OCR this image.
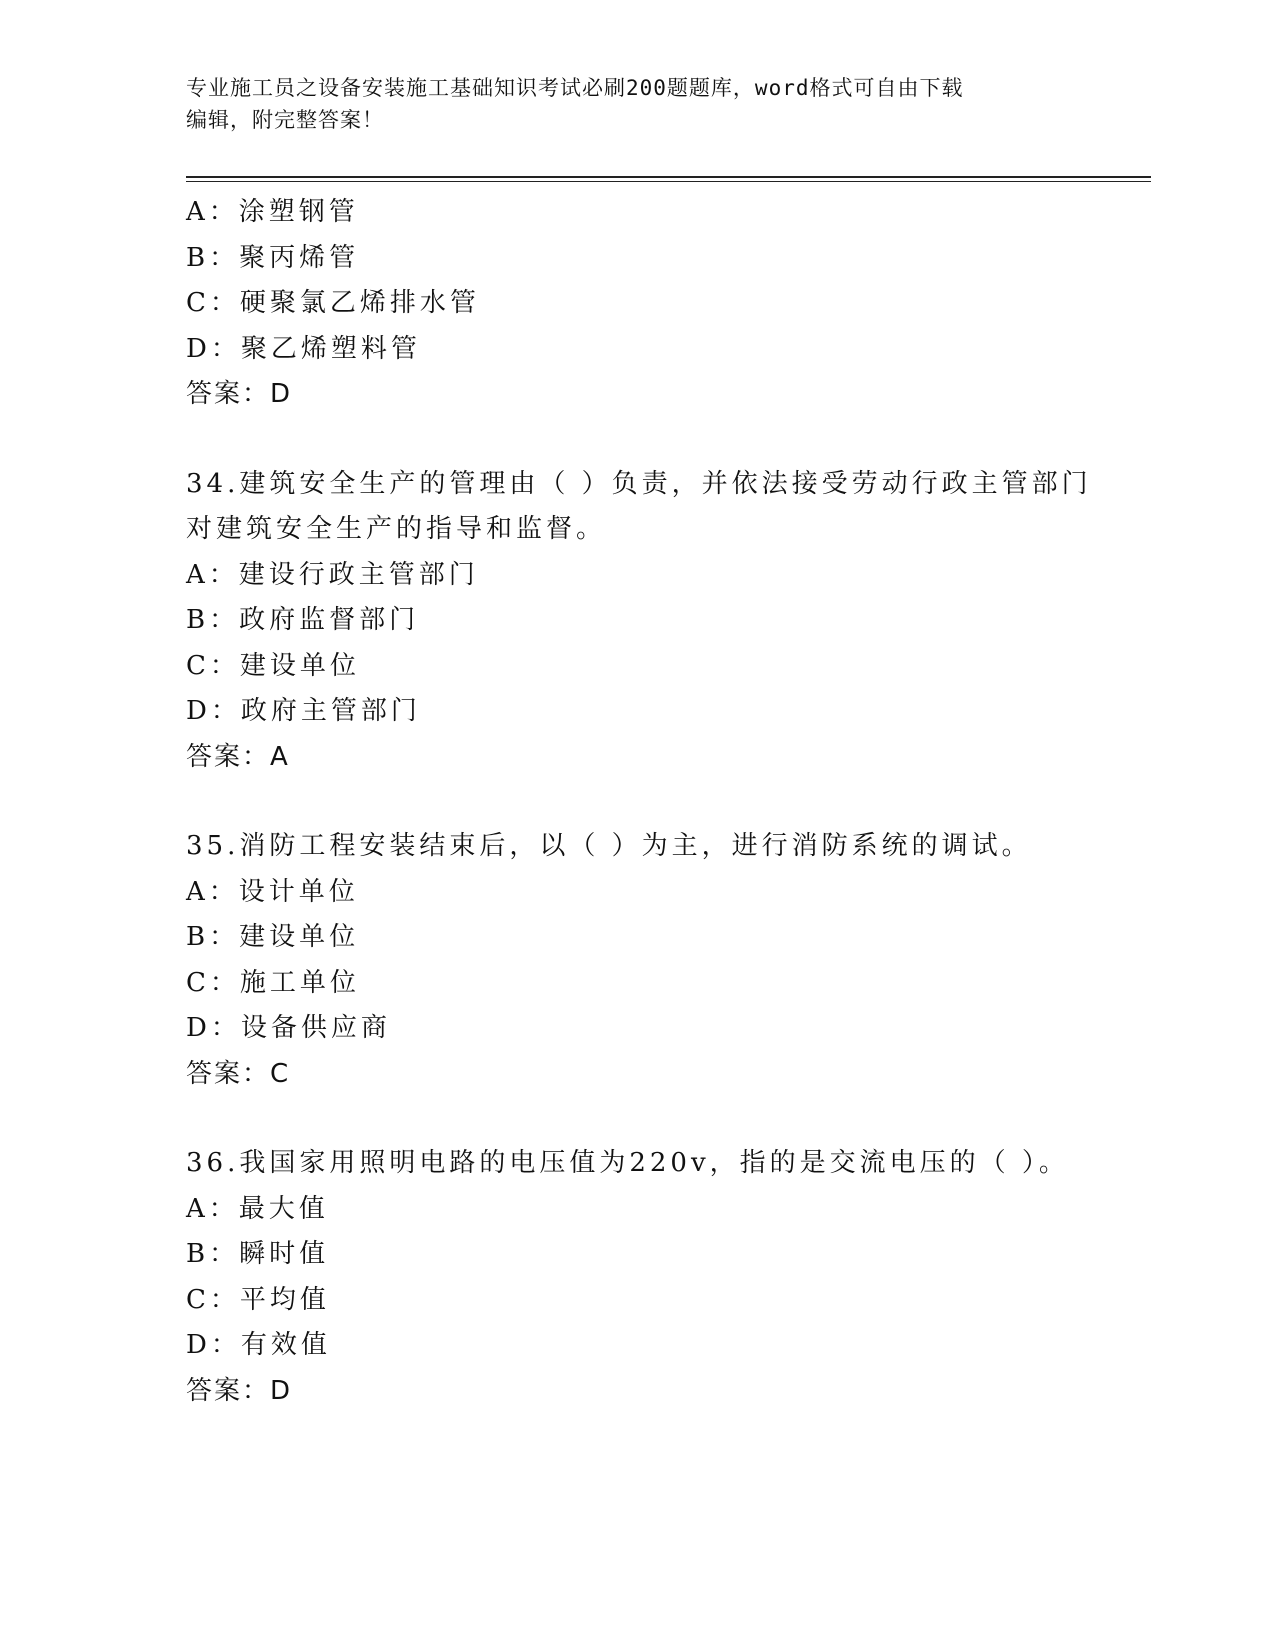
专业施工员之设备安装施工基础知识考试必刷200题题库，word格式可自由下载
编辑，附完整答案！
A：涂塑钢管
B：聚丙烯管
C：硬聚氯乙烯排水管
D：聚乙烯塑料管
答案：D
34.建筑安全生产的管理由（ ）负责，并依法接受劳动行政主管部门
对建筑安全生产的指导和监督。
A：建设行政主管部门
B：政府监督部门
C：建设单位
D：政府主管部门
答案：A
35.消防工程安装结束后，以（ ）为主，进行消防系统的调试。
A：设计单位
B：建设单位
C：施工单位
D：设备供应商
答案：C
36.我国家用照明电路的电压值为220v，指的是交流电压的（ ）。
A：最大值
B：瞬时值
C：平均值
D：有效值
答案：D
